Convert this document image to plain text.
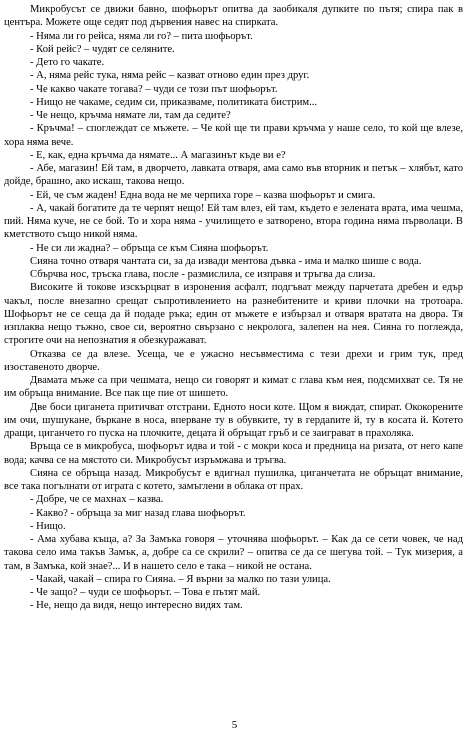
Микробусът се движи бавно, шофьорът опитва да заобикаля дупките по пътя; спира пак в центъра. Можете още седят под дървения навес на спирката.

- Няма ли го рейса, няма ли го? – пита шофьорът.

- Кой рейс? – чудят се селяните.

- Дето го чакате.

- А, няма рейс тука, няма рейс – казват отново един през друг.

- Че какво чакате тогава? – чуди се този път шофьорът.

- Нищо не чакаме, седим си, приказваме, политиката бистрим...

- Че нещо, кръчма нямате ли, там да седите?

- Кръчма! – споглеждат се мъжете. – Че кой ще ти прави кръчма у наше село, то кой ще влезе, хора няма вече.

- Е, как, една кръчма да нямате... А магазинът къде ви е?

- Абе, магазин! Ей там, в дворчето, лавката отваря, ама само във вторник и петък – хлябът, като дойде, брашно, ако искаш, такова нещо.

- Ей, че съм жаден! Една вода не ме черпиха горе – казва шофьорът и смига.

- А, чакай богатите да те черпят нещо! Ей там влез, ей там, където е зелената врата, има чешма, пий. Няма куче, не се бой. То и хора няма - училището е затворено, втора година няма първолаци. В кметството също никой няма.

- Не си ли жадна? – обръща се към Сияна шофьорът.

Сияна точно отваря чантата си, за да извади ментова дъвка - има и малко шише с вода.

Сбърчва нос, тръска глава, после - размислила, се изправя и тръгва да слиза.

Високите й токове изскърцват в изронения асфалт, подгъват между парчетата дребен и едър чакъл, после внезапно срещат съпротивлението на разнебитените и криви плочки на тротоара. Шофьорът не се сеща да й подаде ръка; един от мъжете е избързал и отваря вратата на двора. Тя изплаква нещо тъжно, свое си, вероятно свързано с некролога, залепен на нея. Сияна го поглежда, строгите очи на непознатия я обезкуражават.

Отказва се да влезе. Усеща, че е ужасно несъвместима с тези дрехи и грим тук, пред изоставеното дворче.

Двамата мъже са при чешмата, нещо си говорят и кимат с глава към нея, подсмихват се. Тя не им обръща внимание. Все пак ще пие от шишето.

Две боси циганета притичват отстрани. Едното носи коте. Щом я виждат, спират. Ококорените им очи, шушукане, бъркане в носа, вперване ту в обувките, ту в гердanите й, ту в косата й. Котето дращи, циганчето го пуска на плочките, децата й обръщат гръб и се заиграват в прахоляка.

Връща се в микробуса, шофьорът идва и той - с мокри коса и предница на ризата, от него капе вода; качва се на мястото си. Микробусът изръмжава и тръгва.

Сияна се обръща назад. Микробусът е вдигнал пушилка, циганчетата не обръщат внимание, все така погълнати от играта с котето, замъглени в облака от прах.

- Добре, че се махнах – казва.

- Какво? - обръща за миг назад глава шофьорът.

- Нищо.

- Ама хубава къща, а? За Замъка говоря – уточнява шофьорът. – Как да се сети човек, че над такова село има такъв Замък, а, добре са се скрили? – опитва се да се шегува той. – Тук мизерия, а там, в Замъка, кой знае?... И в нашето село е така – никой не остана.

- Чакай, чакай – спира го Сияна. – Я върни за малко по тази улица.

- Че защо? – чуди се шофьорът. – Това е пътят май.

- Не, нещо да видя, нещо интересно видях там.

5
